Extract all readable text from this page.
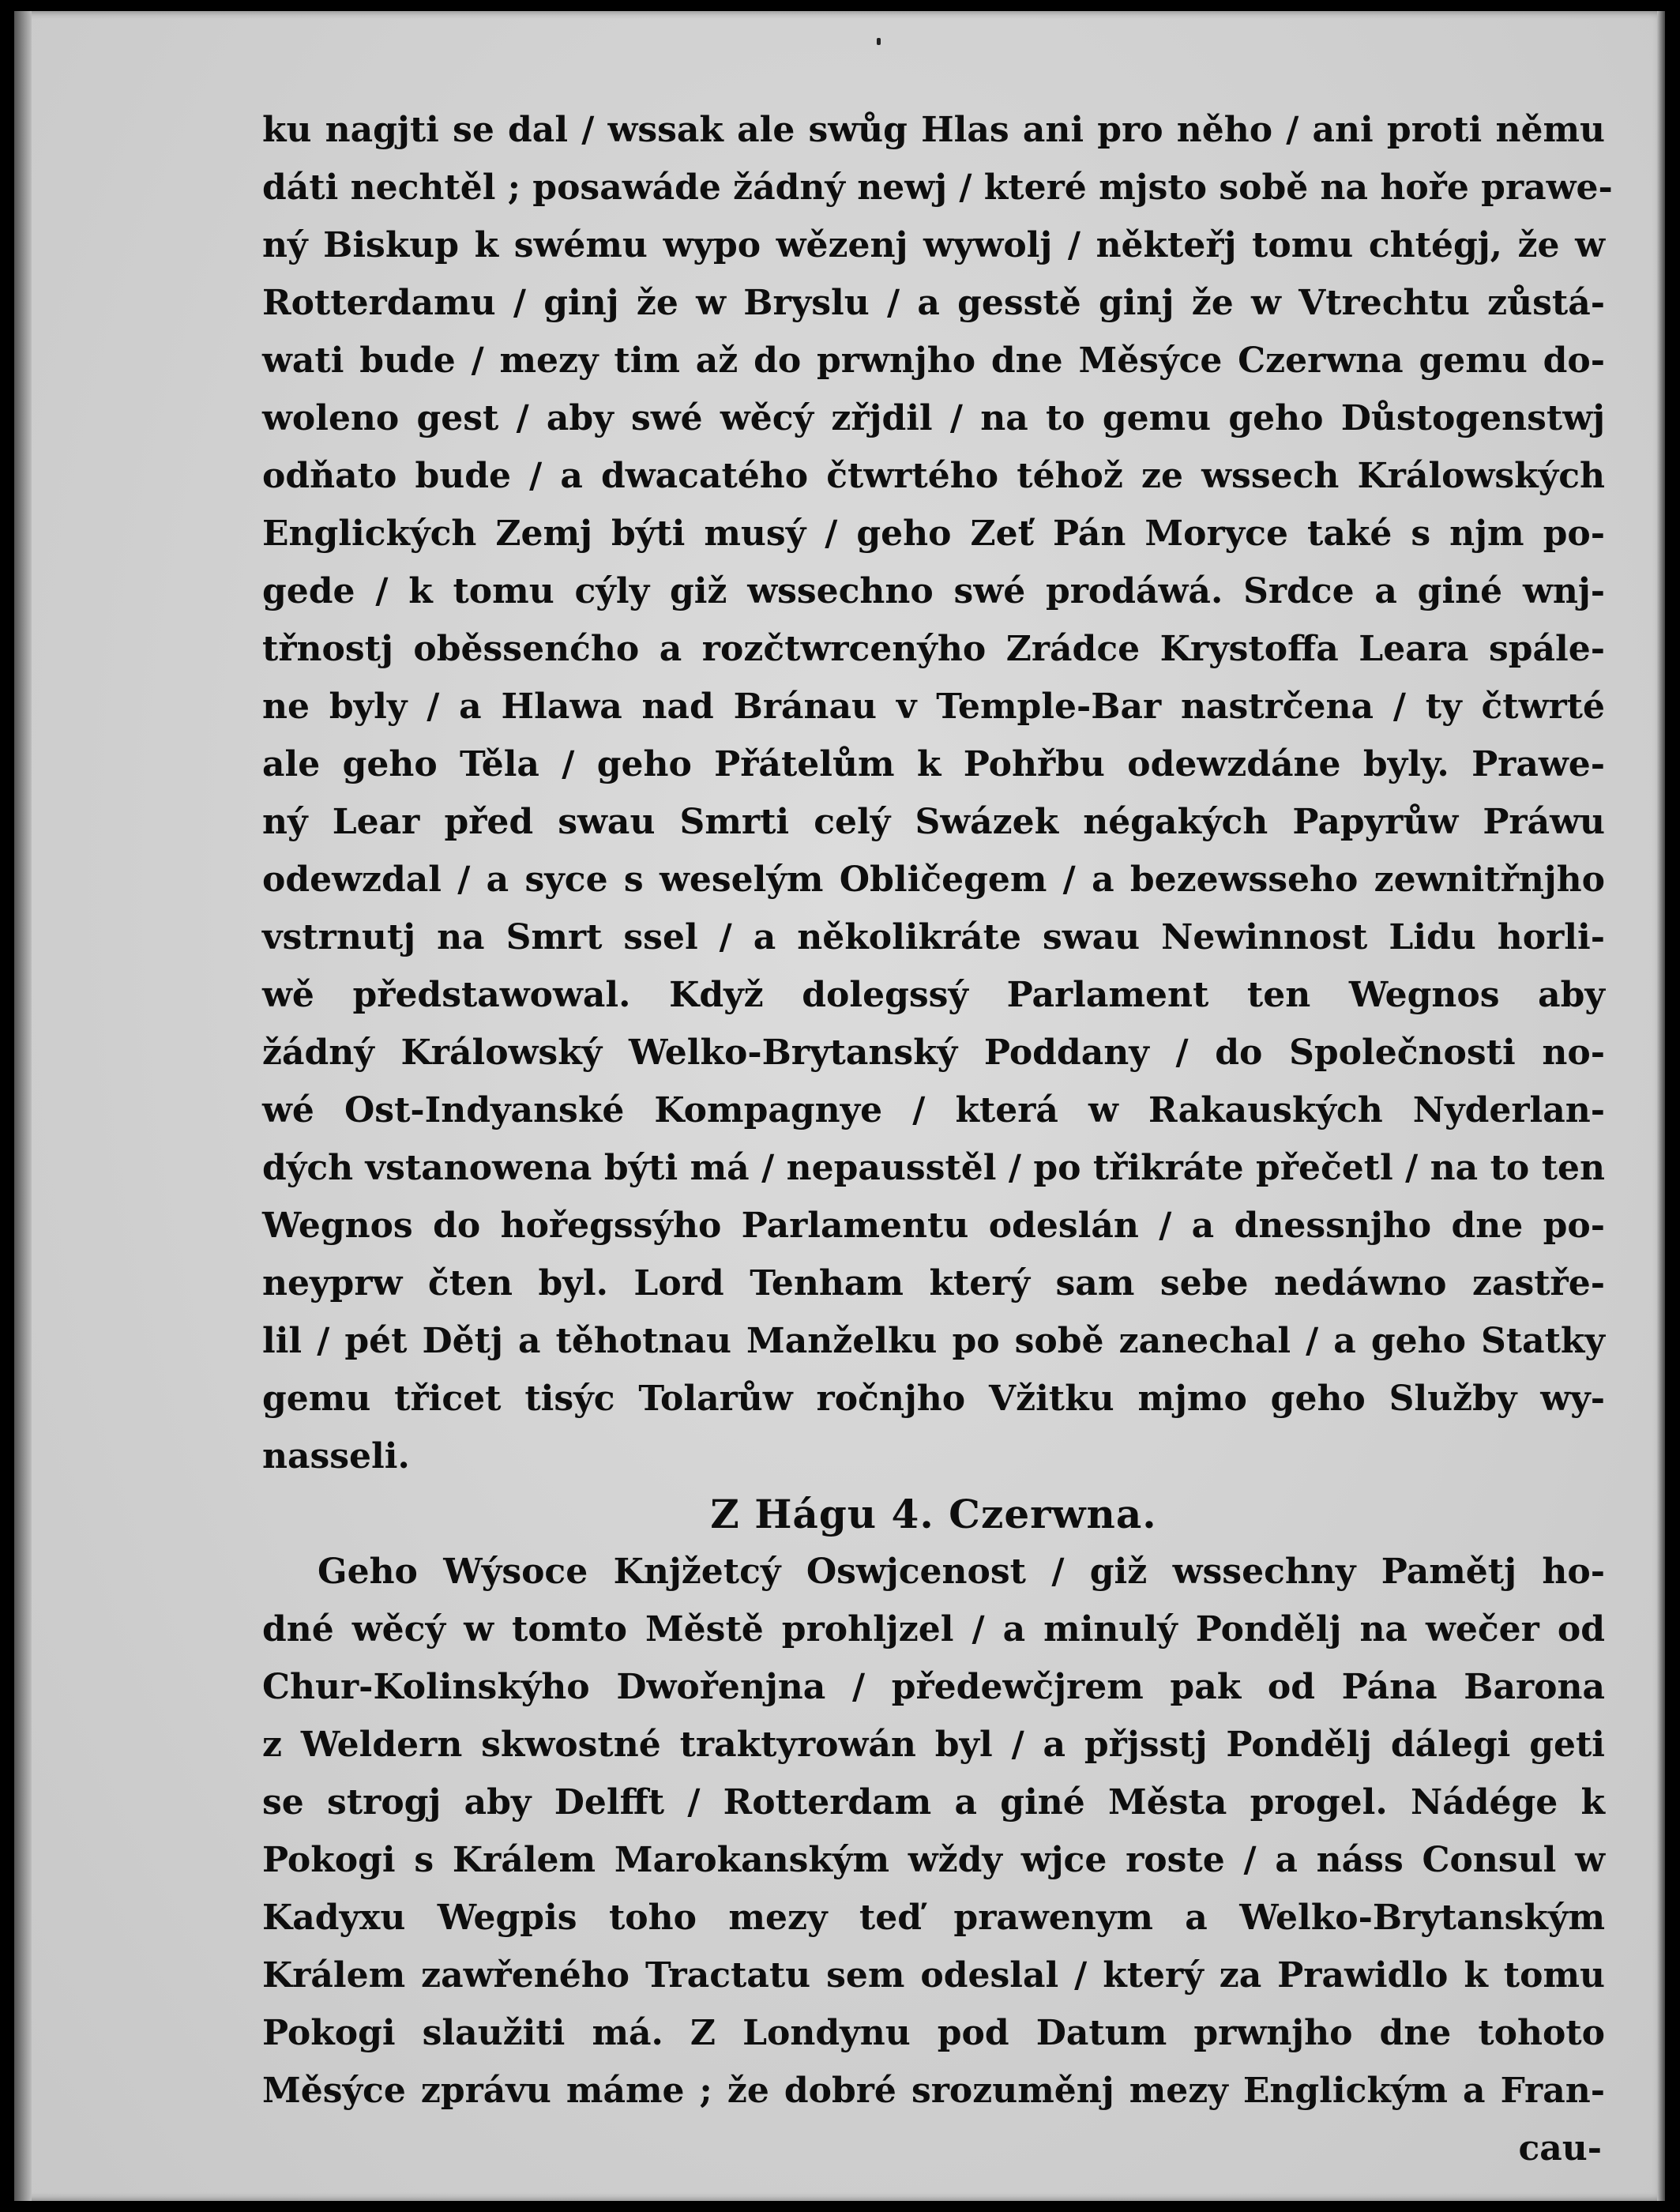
ku nagjti se dal / wssak ale swůg Hlas ani pro něho / ani proti němu
dáti nechtěl ; posawáde žádný newj / které mjsto sobě na hoře prawe-
ný Biskup k swému wypo wězenj wywolj / někteřj tomu chtégj, že w
Rotterdamu / ginj že w Bryslu / a gesstě ginj že w Vtrechtu zůstá-
wati bude / mezy tim až do prwnjho dne Měsýce Czerwna gemu do-
woleno gest / aby swé wěcý zřjdil / na to gemu geho Důstogenstwj
odňato bude / a dwacatého čtwrtého téhož ze wssech Králowských
Englických Zemj býti musý / geho Zeť Pán Moryce také s njm po-
gede / k tomu cýly giž wssechno swé prodáwá. Srdce a giné wnj-
třnostj oběssenćho a rozčtwrcenýho Zrádce Krystoffa Leara spále-
ne byly / a Hlawa nad Bránau v Temple-Bar nastrčena / ty čtwrté
ale geho Těla / geho Přátelům k Pohřbu odewzdáne byly. Prawe-
ný Lear před swau Smrti celý Swázek négakých Papyrůw Práwu
odewzdal / a syce s weselým Obličegem / a bezewsseho zewnitřnjho
vstrnutj na Smrt ssel / a několikráte swau Newinnost Lidu horli-
wě předstawowal. Když dolegssý Parlament ten Wegnos aby
žádný Králowský Welko-Brytanský Poddany / do Společnosti no-
wé Ost-Indyanské Kompagnye / která w Rakauských Nyderlan-
dých vstanowena býti má / nepausstěl / po třikráte přečetl / na to ten
Wegnos do hořegssýho Parlamentu odeslán / a dnessnjho dne po-
neyprw čten byl. Lord Tenham který sam sebe nedáwno zastře-
lil / pét Dětj a těhotnau Manželku po sobě zanechal / a geho Statky
gemu třicet tisýc Tolarůw ročnjho Vžitku mjmo geho Služby wy-
nasseli.
Z Hágu 4. Czerwna.
Geho Wýsoce Knjžetcý Oswjcenost / giž wssechny Pamětj ho-
dné wěcý w tomto Městě prohljzel / a minulý Pondělj na wečer od
Chur-Kolinskýho Dwořenjna / předewčjrem pak od Pána Barona
z Weldern skwostné traktyrowán byl / a přjsstj Pondělj dálegi geti
se strogj aby Delfft / Rotterdam a giné Města progel. Nádége k
Pokogi s Králem Marokanským wždy wjce roste / a náss Consul w
Kadyxu Wegpis toho mezy teď prawenym a Welko-Brytanským
Králem zawřeného Tractatu sem odeslal / který za Prawidlo k tomu
Pokogi slaužiti má. Z Londynu pod Datum prwnjho dne tohoto
Měsýce zprávu máme ; že dobré srozuměnj mezy Englickým a Fran-
cau-
